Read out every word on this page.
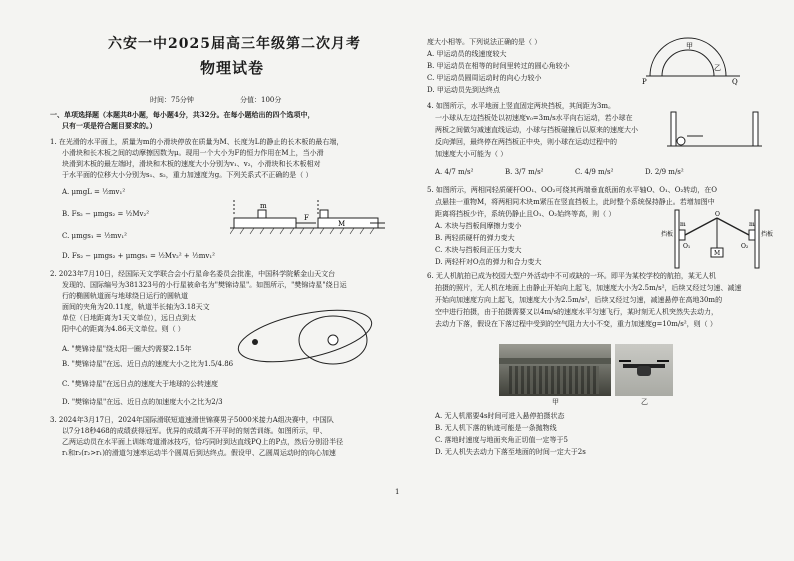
六安一中2025届高三年级第二次月考
物理试卷
时间：75分钟	分值：100分
一、单项选择题（本题共8小题，每小题4分，共32分。在每小题给出的四个选项中，
只有一项是符合题目要求的。）
1. 在光滑的水平面上，质量为m的小滑块停放在质量为M、长度为L的静止的长木板的最右端，
小滑块和长木板之间的动摩擦因数为μ。现用一个大小为F的恒力作用在M上，当小滑
块滑到木板的最左端时，滑块和木板的速度大小分别为v₁、v₂，小滑块和长木板相对
于水平面的位移大小分别为s₁、s₂，重力加速度为g。下列关系式不正确的是（ ）
A. μmgL = ½mv₁²
B. Fs₂ − μmgs₂ = ½Mv₂²
C. μmgs₁ = ½mv₁²
D. Fs₂ − μmgs₂ + μmgs₁ = ½Mv₂² + ½mv₁²
m
F
M
2. 2023年7月10日，经国际天文学联合会小行星命名委员会批准，中国科学院紫金山天文台
发现的、国际编号为381323号的小行星被命名为"樊锦诗星"。如图所示，"樊锦诗星"绕日运
行的椭圆轨道面与地球绕日运行的圆轨道
面间的夹角为20.11度，轨道半长轴为3.18天文
单位（日地距离为1天文单位），远日点到太
阳中心的距离为4.86天文单位。则（ ）
A. "樊锦诗星"绕太阳一圈大约需要2.15年
B. "樊锦诗星"在远、近日点的速度大小之比为1.5/4.86
C. "樊锦诗星"在远日点的速度大于地球的公转速度
D. "樊锦诗星"在远、近日点的加速度大小之比为2/3
3. 2024年3月17日，2024年国际滑联短道速滑世锦赛男子5000米接力A组决赛中，中国队
以7分18秒468的成绩获得冠军。优异的成绩离不开平时的刻苦训练。如图所示，甲、
乙两运动员在水平面上训练弯道滑冰技巧，恰巧同时到达直线PQ上的P点，然后分别沿半径
r₁和r₂(r₂>r₁)的滑道匀速率运动半个圆周后到达终点。假设甲、乙圆周运动时的向心加速
度大小相等。下列说法正确的是（ ）
A. 甲运动员的线速度较大
B. 甲运动员在相等的时间里转过的圆心角较小
C. 甲运动员圆周运动时的向心力较小
D. 甲运动员先到达终点
甲
乙
P	Q
4. 如图所示，水平地面上竖直固定两块挡板，其间距为3m。
一小球从左边挡板处以初速度v₀=3m/s水平向右运动，若小球在
两板之间做匀减速直线运动，小球与挡板碰撞后以原来的速度大小
反向弹回，最终停在两挡板正中央，则小球在运动过程中的
加速度大小可能为（ ）
A. 4/7 m/s²	B. 3/7 m/s²	C. 4/9 m/s²	D. 2/9 m/s²
5. 如图所示，两相同轻质硬杆OO₁、OO₂可绕其两端垂直纸面的水平轴O、O₁、O₂转动，在O
点悬挂一重物M，将两相同木块m紧压在竖直挡板上，此时整个系统保持静止。若增加图中
距离将挡板少许，系统仍静止且O₁、O₂始终等高，则（ ）
A. 木块与挡板间摩擦力变小
B. 两轻质硬杆的弹力变大
C. 木块与挡板间正压力变大
D. 两轻杆对O点的弹力和合力变大
挡板	挡板
M
O
O₁	O₂
m	m
6. 无人机航拍已成为校园大型户外活动中不可或缺的一环。即平为某校学校的航拍，某无人机
拍摄的照片，无人机在地面上由静止开始向上起飞，加速度大小为2.5m/s²，后续又经过匀速、减速
开始向加速度方向上起飞，加速度大小为2.5m/s²，后续又经过匀速，减速悬停在高地30m的
空中进行拍摄，由于拍摄需要又以4m/s的速度水平匀速飞行，某时刻无人机突然失去动力，
去动力下落，假设在下落过程中受到的空气阻力大小不变，重力加速度g=10m/s²，则（ ）
甲	乙
A. 无人机需要4s时间可进入悬停拍摄状态
B. 无人机下落的轨迹可能是一条抛物线
C. 落地时速度与地面夹角正切值一定等于5
D. 无人机失去动力下落至地面的时间一定大于2s
1
